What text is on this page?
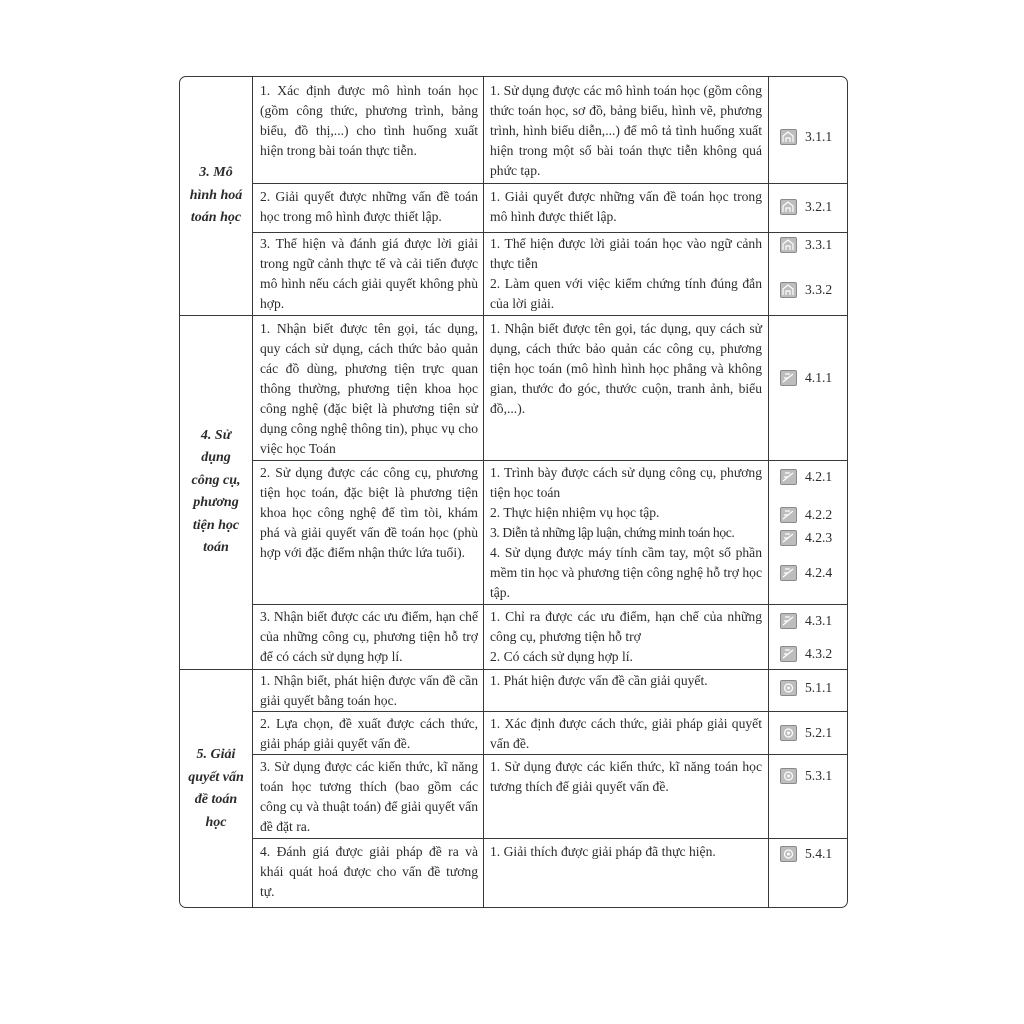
3. Mô hình hoá toán học
4. Sử dụng công cụ, phương tiện học toán
5. Giải quyết vấn đề toán học

1. Xác định được mô hình toán học (gồm công thức, phương trình, bảng biểu, đồ thị,...) cho tình huống xuất hiện trong bài toán thực tiễn.

1. Sử dụng được các mô hình toán học (gồm công thức toán học, sơ đồ, bảng biểu, hình vẽ, phương trình, hình biểu diễn,...) để mô tả tình huống xuất hiện trong một số bài toán thực tiễn không quá phức tạp.

3.1.1

2. Giải quyết được những vấn đề toán học trong mô hình được thiết lập.

1. Giải quyết được những vấn đề toán học trong mô hình được thiết lập.

3.2.1

3. Thể hiện và đánh giá được lời giải trong ngữ cảnh thực tế và cải tiến được mô hình nếu cách giải quyết không phù hợp.

1. Thể hiện được lời giải toán học vào ngữ cảnh thực tiễn

2. Làm quen với việc kiểm chứng tính đúng đắn của lời giải.

3.3.1
3.3.2

1. Nhận biết được tên gọi, tác dụng, quy cách sử dụng, cách thức bảo quản các đồ dùng, phương tiện trực quan thông thường, phương tiện khoa học công nghệ (đặc biệt là phương tiện sử dụng công nghệ thông tin), phục vụ cho việc học Toán

1. Nhận biết được tên gọi, tác dụng, quy cách sử dụng, cách thức bảo quản các công cụ, phương tiện học toán (mô hình hình học phẳng và không gian, thước đo góc, thước cuộn, tranh ảnh, biểu đồ,...).

4.1.1

2. Sử dụng được các công cụ, phương tiện học toán, đặc biệt là phương tiện khoa học công nghệ để tìm tòi, khám phá và giải quyết vấn đề toán học (phù hợp với đặc điểm nhận thức lứa tuổi).

1. Trình bày được cách sử dụng công cụ, phương tiện học toán

2. Thực hiện nhiệm vụ học tập.

3. Diễn tả những lập luận, chứng minh toán học.

4. Sử dụng được máy tính cầm tay, một số phần mềm tin học và phương tiện công nghệ hỗ trợ học tập.

4.2.1
4.2.2
4.2.3
4.2.4

3. Nhận biết được các ưu điểm, hạn chế của những công cụ, phương tiện hỗ trợ để có cách sử dụng hợp lí.

1. Chỉ ra được các ưu điểm, hạn chế của những công cụ, phương tiện hỗ trợ

2. Có cách sử dụng hợp lí.

4.3.1
4.3.2

1. Nhận biết, phát hiện được vấn đề cần giải quyết bằng toán học.

1. Phát hiện được vấn đề cần giải quyết.	5.1.1

2. Lựa chọn, đề xuất được cách thức, giải pháp giải quyết vấn đề.

1. Xác định được cách thức, giải pháp giải quyết vấn đề.

5.2.1

3. Sử dụng được các kiến thức, kĩ năng toán học tương thích (bao gồm các công cụ và thuật toán) để giải quyết vấn đề đặt ra.

1. Sử dụng được các kiến thức, kĩ năng toán học tương thích để giải quyết vấn đề.

5.3.1

4. Đánh giá được giải pháp đề ra và khái quát hoá được cho vấn đề tương tự.

1. Giải thích được giải pháp đã thực hiện.	5.4.1
